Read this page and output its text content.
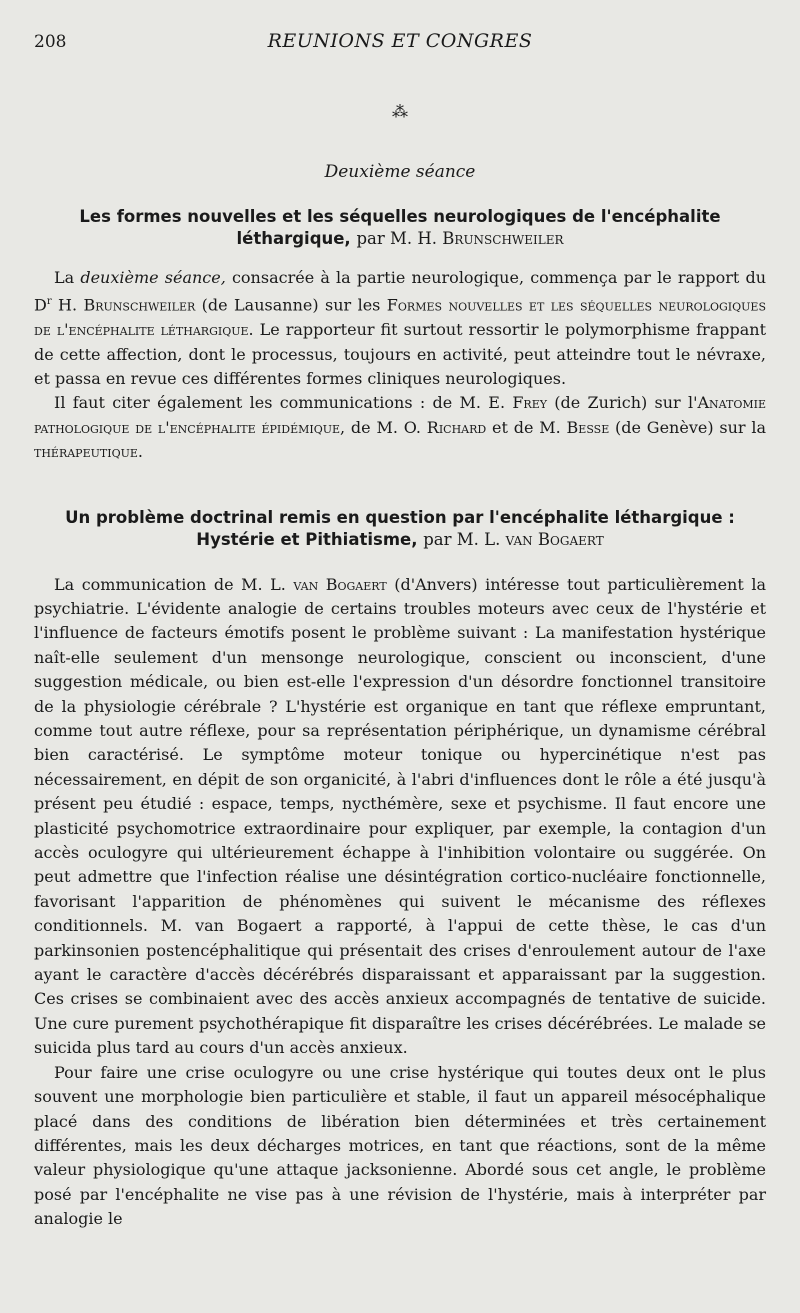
208	REUNIONS ET CONGRES
⁂
Deuxième séance
Les formes nouvelles et les séquelles neurologiques de l'encéphalite léthargique, par M. H. Brunschweiler

La deuxième séance, consacrée à la partie neurologique, commença par le rapport du $D^r$ H. Brunschweiler (de Lausanne) sur les Formes nouvelles et les séquelles neurologiques de l'encéphalite léthargique. Le rapporteur fit surtout ressortir le polymorphisme frappant de cette affection, dont le processus, toujours en activité, peut atteindre tout le névraxe, et passa en revue ces différentes formes cliniques neurologiques.

Il faut citer également les communications : de M. E. Frey (de Zurich) sur l'Anatomie pathologique de l'encéphalite épidémique, de M. O. Richard et de M. Besse (de Genève) sur la thérapeutique.

Un problème doctrinal remis en question par l'encéphalite léthargique : Hystérie et Pithiatisme, par M. L. van Bogaert

La communication de M. L. van Bogaert (d'Anvers) intéresse tout particulièrement la psychiatrie. L'évidente analogie de certains troubles moteurs avec ceux de l'hystérie et l'influence de facteurs émotifs posent le problème suivant : La manifestation hystérique naît-elle seulement d'un mensonge neurologique, conscient ou inconscient, d'une suggestion médicale, ou bien est-elle l'expression d'un désordre fonctionnel transitoire de la physiologie cérébrale ? L'hystérie est organique en tant que réflexe empruntant, comme tout autre réflexe, pour sa représentation périphérique, un dynamisme cérébral bien caractérisé. Le symptôme moteur tonique ou hypercinétique n'est pas nécessairement, en dépit de son organicité, à l'abri d'influences dont le rôle a été jusqu'à présent peu étudié : espace, temps, nycthémère, sexe et psychisme. Il faut encore une plasticité psychomotrice extraordinaire pour expliquer, par exemple, la contagion d'un accès oculogyre qui ultérieurement échappe à l'inhibition volontaire ou suggérée. On peut admettre que l'infection réalise une désintégration cortico-nucléaire fonctionnelle, favorisant l'apparition de phénomènes qui suivent le mécanisme des réflexes conditionnels. M. van Bogaert a rapporté, à l'appui de cette thèse, le cas d'un parkinsonien postencéphalitique qui présentait des crises d'enroulement autour de l'axe ayant le caractère d'accès décérébrés disparaissant et apparaissant par la suggestion. Ces crises se combinaient avec des accès anxieux accompagnés de tentative de suicide. Une cure purement psychothérapique fit disparaître les crises décérébrées. Le malade se suicida plus tard au cours d'un accès anxieux.

Pour faire une crise oculogyre ou une crise hystérique qui toutes deux ont le plus souvent une morphologie bien particulière et stable, il faut un appareil mésocéphalique placé dans des conditions de libération bien déterminées et très certainement différentes, mais les deux décharges motrices, en tant que réactions, sont de la même valeur physiologique qu'une attaque jacksonienne. Abordé sous cet angle, le problème posé par l'encéphalite ne vise pas à une révision de l'hystérie, mais à interpréter par analogie le
